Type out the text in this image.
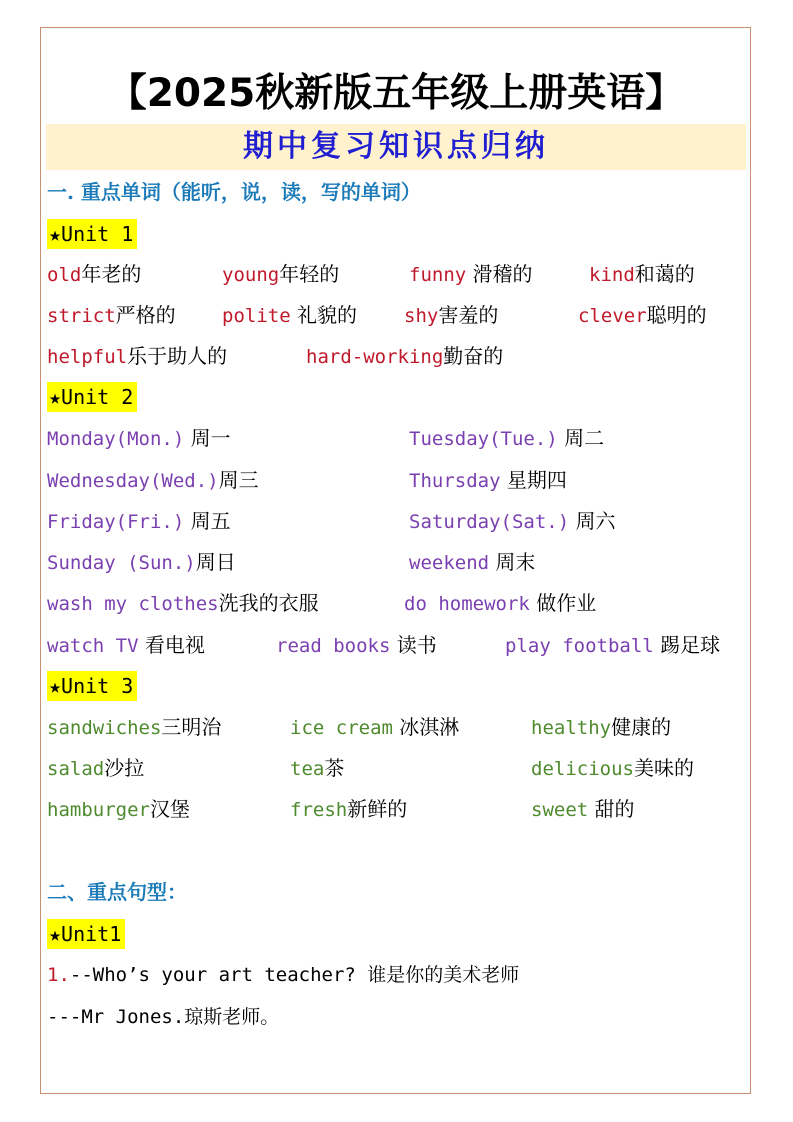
【2025秋新版五年级上册英语】
期中复习知识点归纳
一. 重点单词（能听，说，读，写的单词）
★Unit 1
old年老的	young年轻的	funny 滑稽的	kind和蔼的
strict严格的 polite 礼貌的 shy害羞的	clever聪明的
helpful乐于助人的	hard-working勤奋的
★Unit 2
Monday(Mon.) 周一	Tuesday(Tue.) 周二
Wednesday(Wed.)周三	Thursday 星期四
Friday(Fri.) 周五	Saturday(Sat.) 周六
Sunday (Sun.)周日	weekend 周末
wash my clothes洗我的衣服	do homework 做作业
watch TV 看电视	read books 读书	play football 踢足球
★Unit 3
sandwiches三明治	ice cream 冰淇淋	healthy健康的
salad沙拉	tea茶	delicious美味的
hamburger汉堡	fresh新鲜的	sweet 甜的
二、重点句型：
★Unit1
1.--Who’s your art teacher? 谁是你的美术老师
---Mr Jones.琼斯老师。
